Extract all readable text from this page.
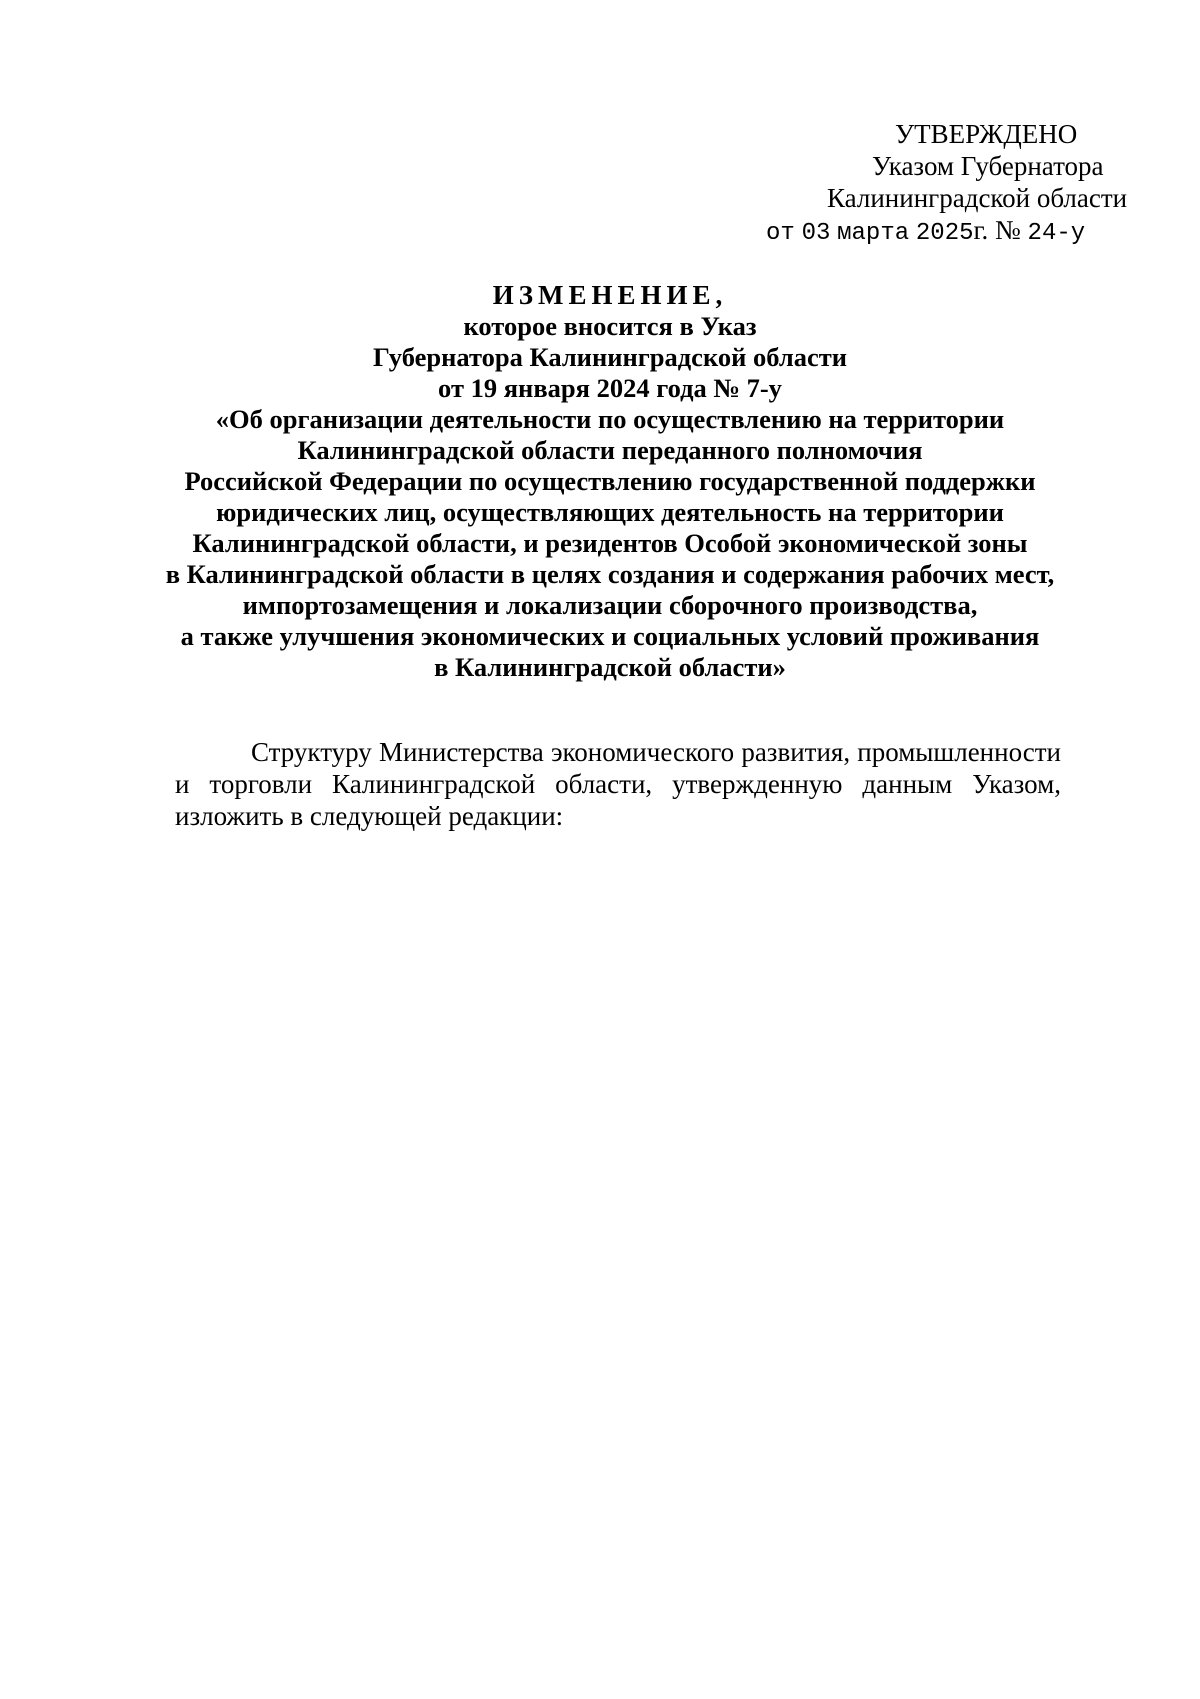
УТВЕРЖДЕНО
Указом Губернатора
Калининградской области
от 03 марта 2025г. № 24-у
ИЗМЕНЕНИЕ,
которое вносится в Указ
Губернатора Калининградской области
от 19 января 2024 года № 7-у
«Об организации деятельности по осуществлению на территории
Калининградской области переданного полномочия
Российской Федерации по осуществлению государственной поддержки
юридических лиц, осуществляющих деятельность на территории
Калининградской области, и резидентов Особой экономической зоны
в Калининградской области в целях создания и содержания рабочих мест,
импортозамещения и локализации сборочного производства,
а также улучшения экономических и социальных условий проживания
в Калининградской области»
Структуру Министерства экономического развития, промышленности
и торговли Калининградской области, утвержденную данным Указом,
изложить в следующей редакции:
